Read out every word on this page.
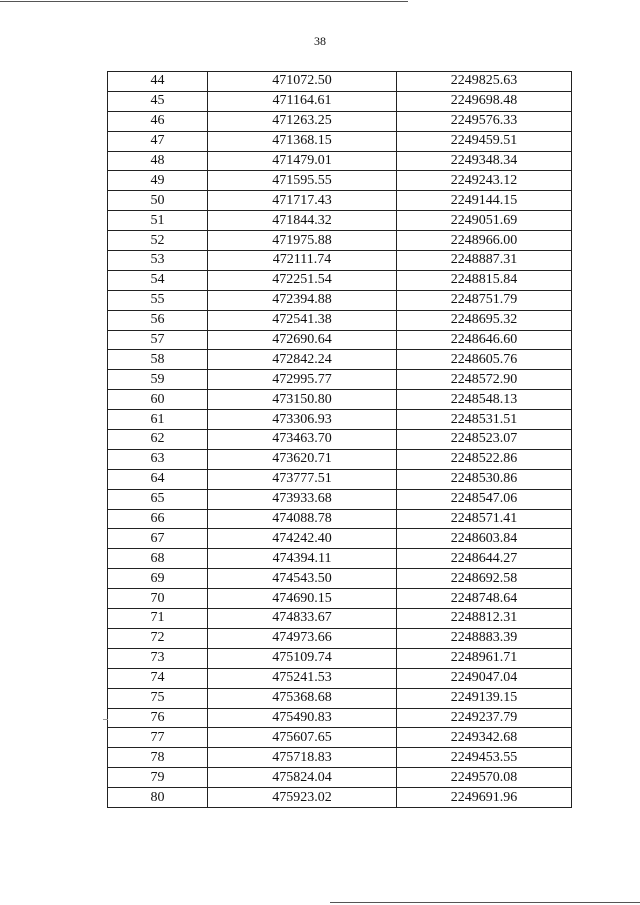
38
44	471072.50	2249825.63
45	471164.61	2249698.48
46	471263.25	2249576.33
47	471368.15	2249459.51
48	471479.01	2249348.34
49	471595.55	2249243.12
50	471717.43	2249144.15
51	471844.32	2249051.69
52	471975.88	2248966.00
53	472111.74	2248887.31
54	472251.54	2248815.84
55	472394.88	2248751.79
56	472541.38	2248695.32
57	472690.64	2248646.60
58	472842.24	2248605.76
59	472995.77	2248572.90
60	473150.80	2248548.13
61	473306.93	2248531.51
62	473463.70	2248523.07
63	473620.71	2248522.86
64	473777.51	2248530.86
65	473933.68	2248547.06
66	474088.78	2248571.41
67	474242.40	2248603.84
68	474394.11	2248644.27
69	474543.50	2248692.58
70	474690.15	2248748.64
71	474833.67	2248812.31
72	474973.66	2248883.39
73	475109.74	2248961.71
74	475241.53	2249047.04
75	475368.68	2249139.15
76	475490.83	2249237.79
77	475607.65	2249342.68
78	475718.83	2249453.55
79	475824.04	2249570.08
80	475923.02	2249691.96
